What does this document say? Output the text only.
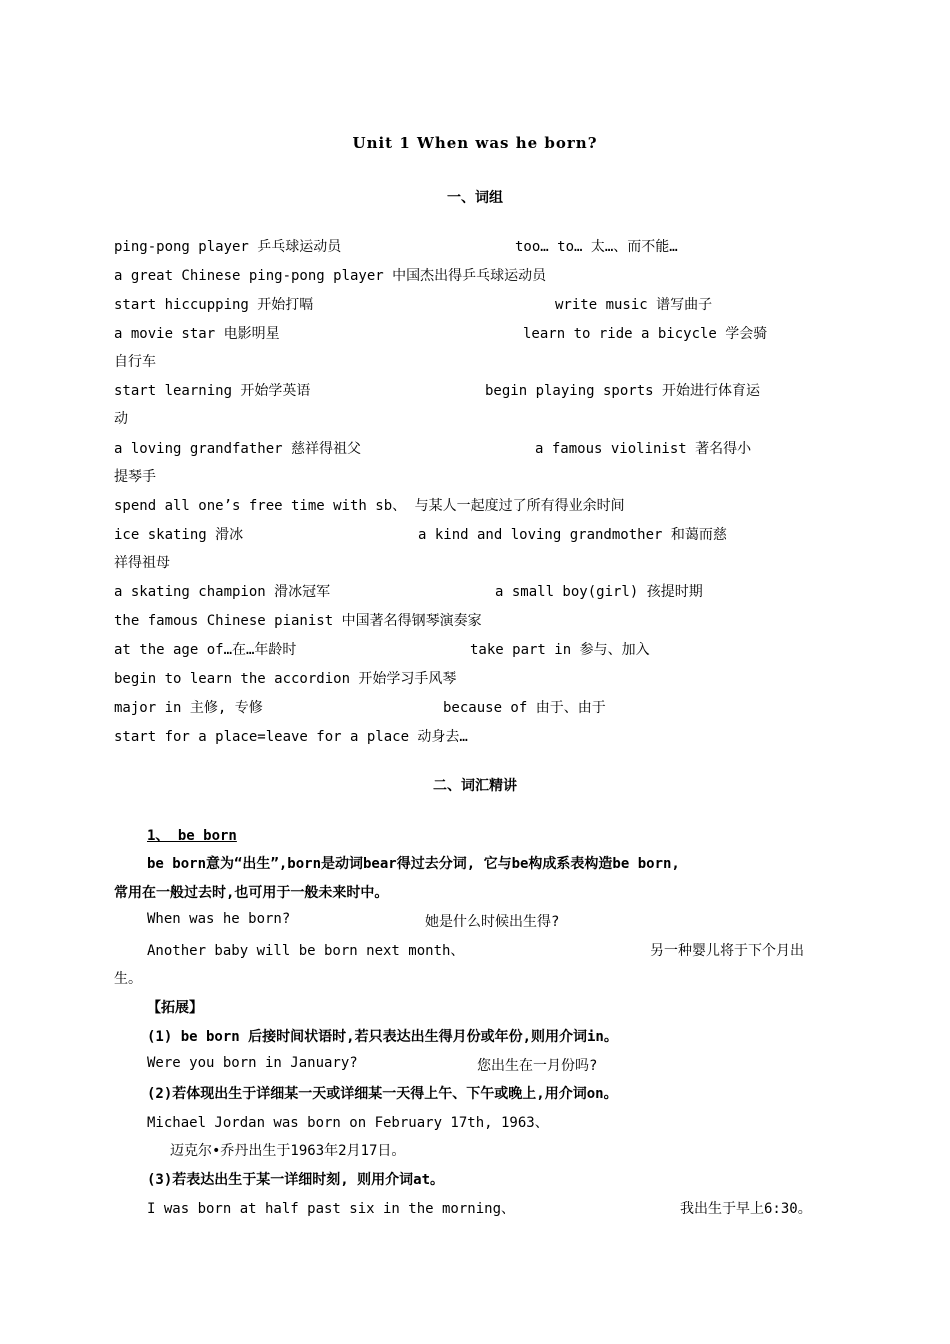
Unit 1 When was he born?
一、词组
ping-pong player 乒乓球运动员	too… to… 太…、而不能…
a great Chinese ping-pong player 中国杰出得乒乓球运动员
start hiccupping 开始打嗝	write music 谱写曲子
a movie star 电影明星	learn to ride a bicycle 学会骑
自行车
start learning 开始学英语	begin playing sports 开始进行体育运
动
a loving grandfather 慈祥得祖父	a famous violinist 著名得小
提琴手
spend all one’s free time with sb、 与某人一起度过了所有得业余时间
ice skating 滑冰	a kind and loving grandmother 和蔼而慈
祥得祖母
a skating champion 滑冰冠军	a small boy(girl) 孩提时期
the famous Chinese pianist 中国著名得钢琴演奏家
at the age of…在…年龄时	take part in 参与、加入
begin to learn the accordion 开始学习手风琴
major in 主修, 专修	because of 由于、由于
start for a place=leave for a place 动身去…
二、词汇精讲
1、 be born
be born意为“出生”,born是动词bear得过去分词, 它与be构成系表构造be born,
常用在一般过去时,也可用于一般未来时中。
When was he born?	她是什么时候出生得?
Another baby will be born next month、	另一种婴儿将于下个月出
生。
【拓展】
(1) be born 后接时间状语时,若只表达出生得月份或年份,则用介词in。
Were you born in January?	您出生在一月份吗?
(2)若体现出生于详细某一天或详细某一天得上午、下午或晚上,用介词on。
Michael Jordan was born on February 17th, 1963、
迈克尔•乔丹出生于1963年2月17日。
(3)若表达出生于某一详细时刻, 则用介词at。
I was born at half past six in the morning、	我出生于早上6:30。
